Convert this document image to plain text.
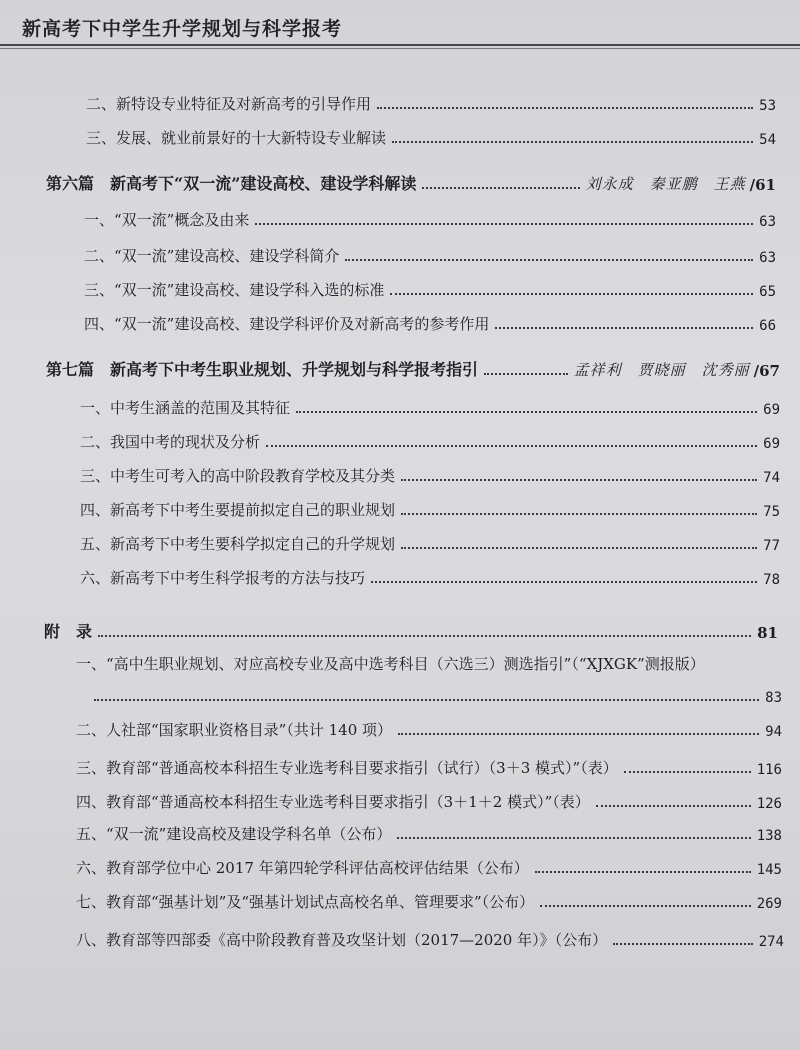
新高考下中学生升学规划与科学报考
二、新特设专业特征及对新高考的引导作用	53
三、发展、就业前景好的十大新特设专业解读	54
第六篇　新高考下“双一流”建设高校、建设学科解读	刘永成　秦亚鹏　王燕 /61
一、“双一流”概念及由来	63
二、“双一流”建设高校、建设学科简介	63
三、“双一流”建设高校、建设学科入选的标准	65
四、“双一流”建设高校、建设学科评价及对新高考的参考作用	66
第七篇　新高考下中考生职业规划、升学规划与科学报考指引	孟祥利　贾晓丽　沈秀丽 /67
一、中考生涵盖的范围及其特征	69
二、我国中考的现状及分析	69
三、中考生可考入的高中阶段教育学校及其分类	74
四、新高考下中考生要提前拟定自己的职业规划	75
五、新高考下中考生要科学拟定自己的升学规划	77
六、新高考下中考生科学报考的方法与技巧	78
附　录	81
一、“高中生职业规划、对应高校专业及高中选考科目（六选三）测选指引”（“XJXGK”测报版）
83
二、人社部“国家职业资格目录”（共计 140 项）	94
三、教育部“普通高校本科招生专业选考科目要求指引（试行）（3＋3 模式）”（表）	116
四、教育部“普通高校本科招生专业选考科目要求指引（3＋1＋2 模式）”（表）	126
五、“双一流”建设高校及建设学科名单（公布）	138
六、教育部学位中心 2017 年第四轮学科评估高校评估结果（公布）	145
七、教育部“强基计划”及“强基计划试点高校名单、管理要求”（公布）	269
八、教育部等四部委《高中阶段教育普及攻坚计划（2017—2020 年）》（公布）	274
